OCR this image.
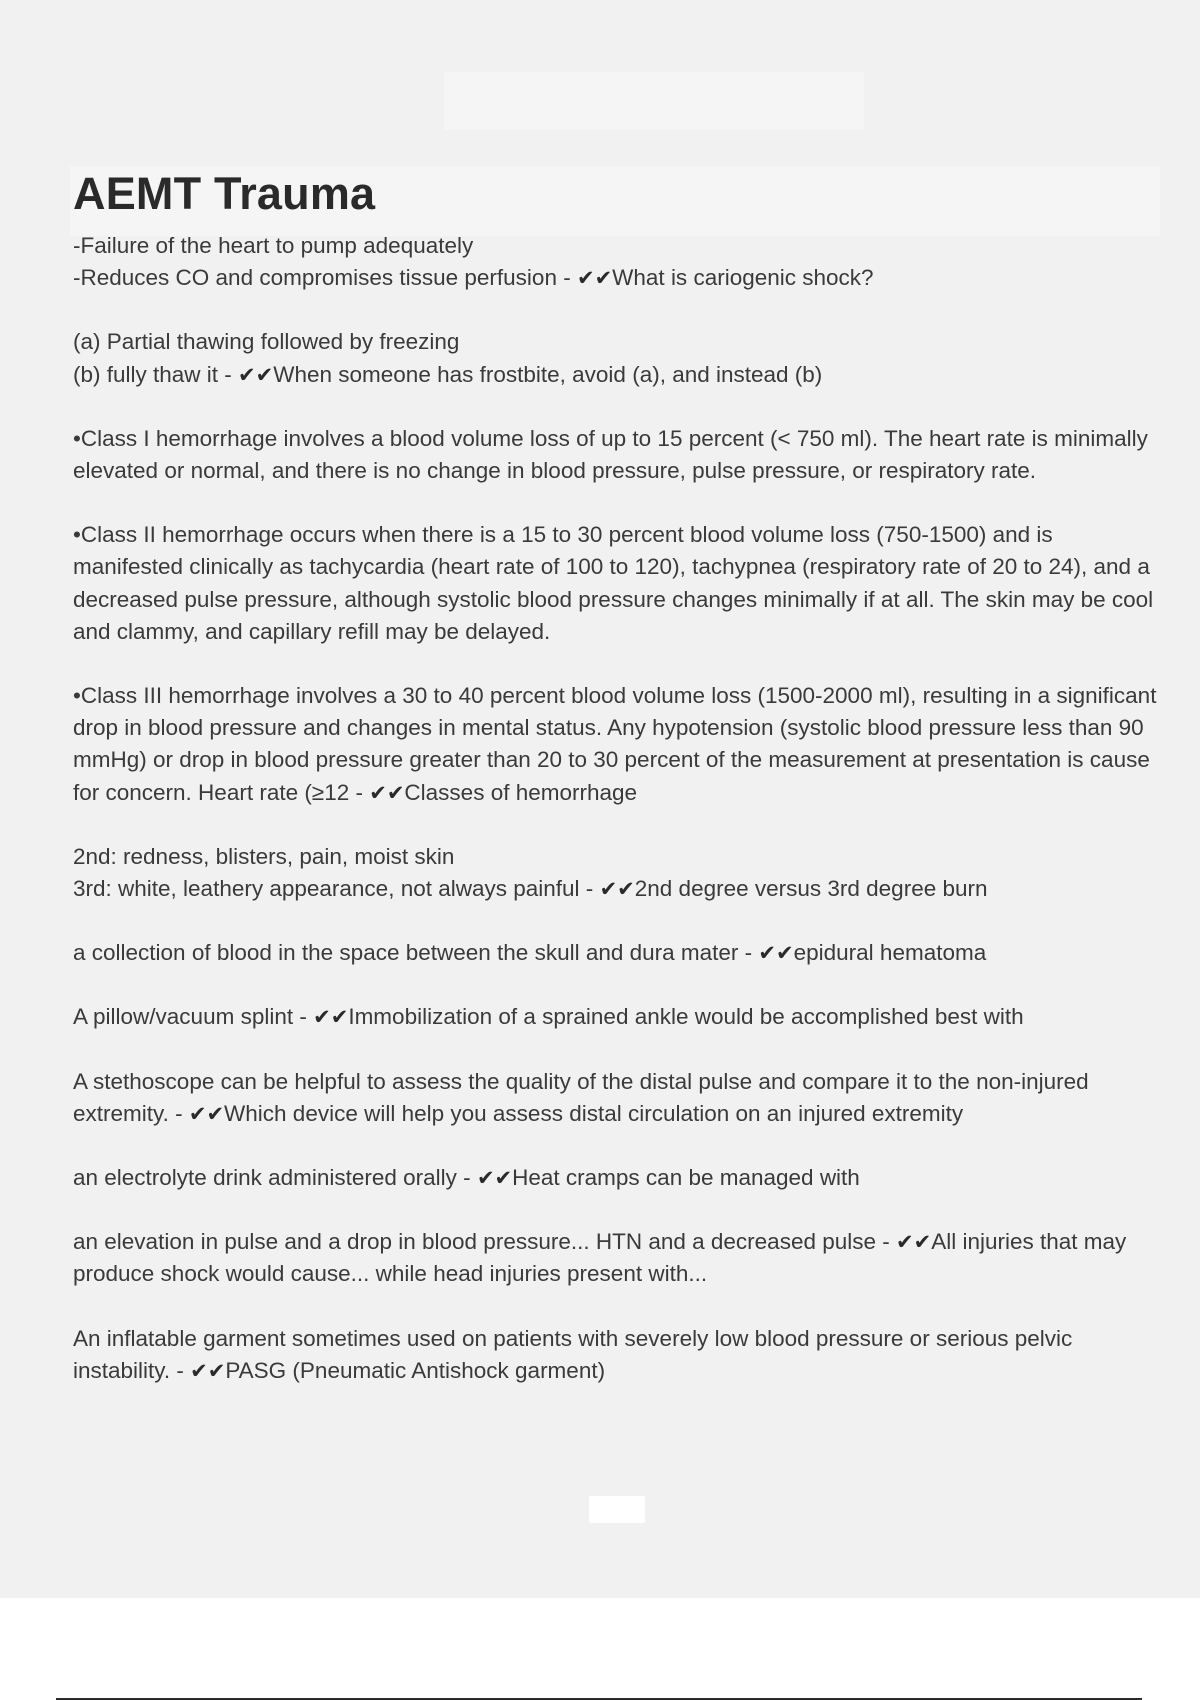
AEMT Trauma

-Failure of the heart to pump adequately

-Reduces CO and compromises tissue perfusion - ✔✔What is cariogenic shock?

(a) Partial thawing followed by freezing

(b) fully thaw it - ✔✔When someone has frostbite, avoid (a), and instead (b)

•Class I hemorrhage involves a blood volume loss of up to 15 percent (< 750 ml). The heart rate is minimally elevated or normal, and there is no change in blood pressure, pulse pressure, or respiratory rate.

•Class II hemorrhage occurs when there is a 15 to 30 percent blood volume loss (750-1500) and is manifested clinically as tachycardia (heart rate of 100 to 120), tachypnea (respiratory rate of 20 to 24), and a decreased pulse pressure, although systolic blood pressure changes minimally if at all. The skin may be cool and clammy, and capillary refill may be delayed.

•Class III hemorrhage involves a 30 to 40 percent blood volume loss (1500-2000 ml), resulting in a significant drop in blood pressure and changes in mental status. Any hypotension (systolic blood pressure less than 90 mmHg) or drop in blood pressure greater than 20 to 30 percent of the measurement at presentation is cause for concern. Heart rate (≥12 - ✔✔Classes of hemorrhage

2nd: redness, blisters, pain, moist skin

3rd: white, leathery appearance, not always painful - ✔✔2nd degree versus 3rd degree burn

a collection of blood in the space between the skull and dura mater - ✔✔epidural hematoma

A pillow/vacuum splint - ✔✔Immobilization of a sprained ankle would be accomplished best with

A stethoscope can be helpful to assess the quality of the distal pulse and compare it to the non-injured extremity. - ✔✔Which device will help you assess distal circulation on an injured extremity

an electrolyte drink administered orally - ✔✔Heat cramps can be managed with

an elevation in pulse and a drop in blood pressure... HTN and a decreased pulse - ✔✔All injuries that may produce shock would cause... while head injuries present with...

An inflatable garment sometimes used on patients with severely low blood pressure or serious pelvic instability. - ✔✔PASG (Pneumatic Antishock garment)
